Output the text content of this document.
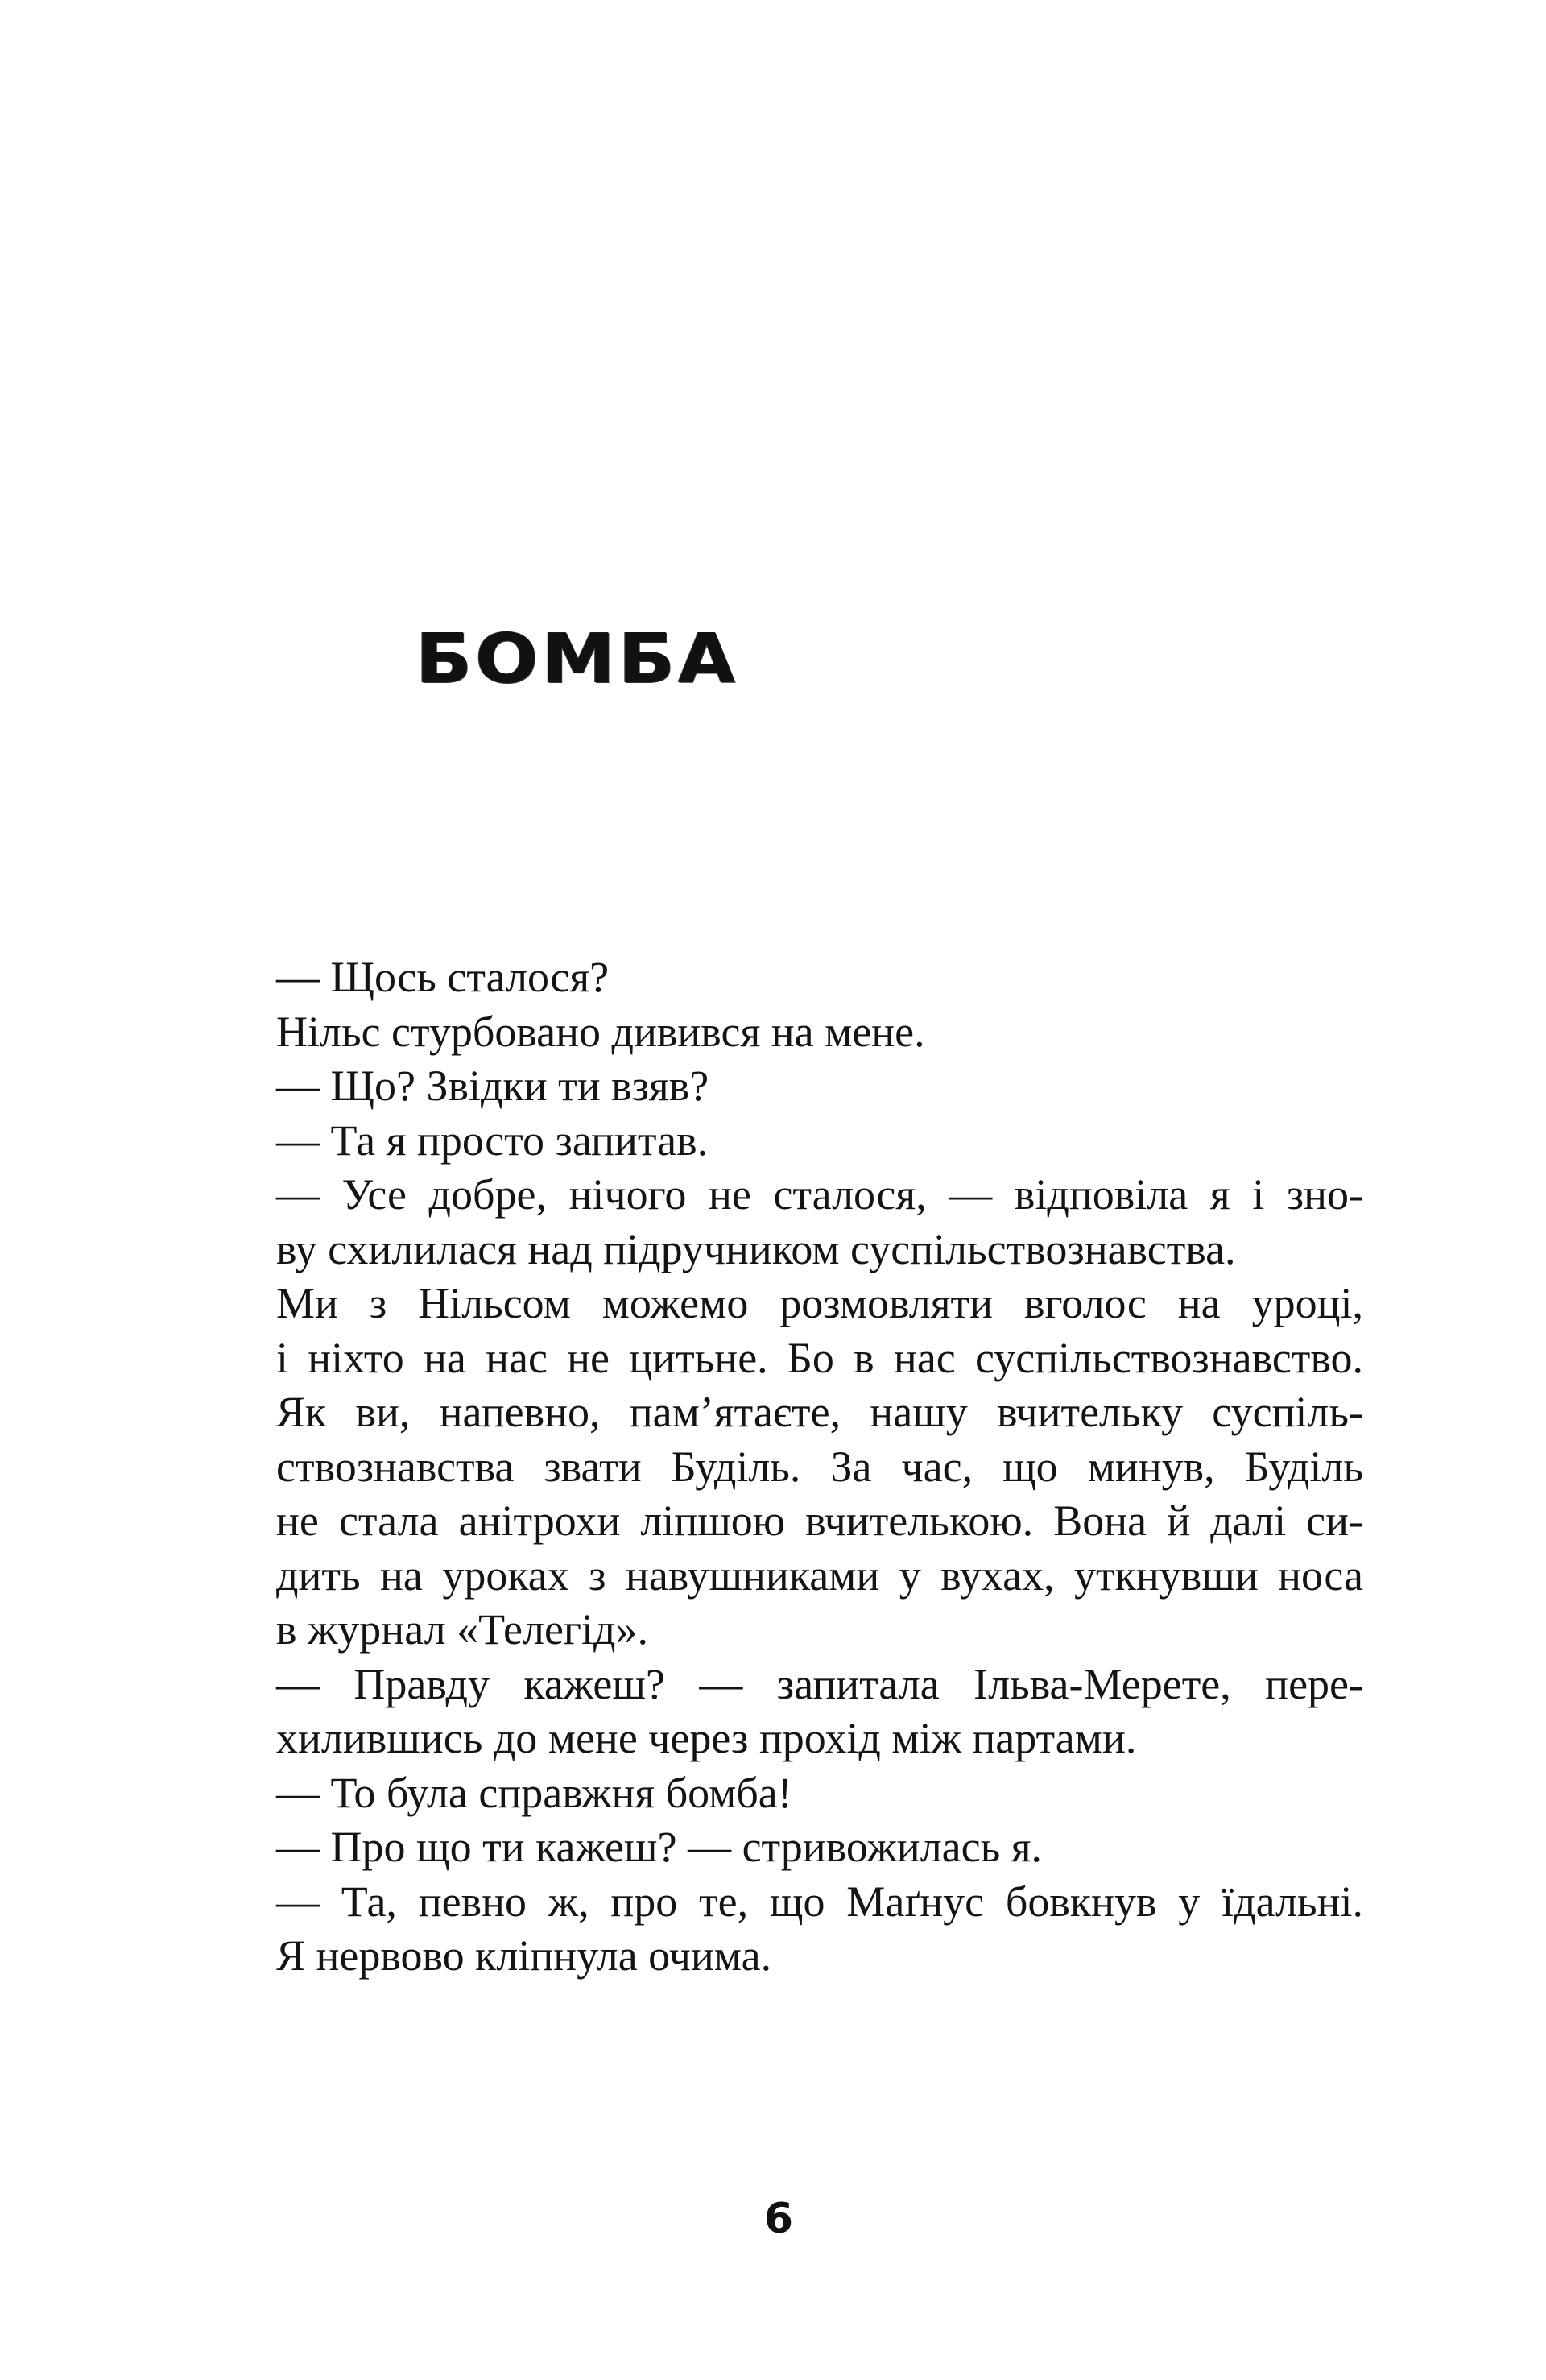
БОМБА
— Щось сталося?
Нільс стурбовано дивився на мене.
— Що? Звідки ти взяв?
— Та я просто запитав.
— Усе добре, нічого не сталося, — відповіла я і зно-
ву схилилася над підручником суспільствознавства.
Ми з Нільсом можемо розмовляти вголос на уроці,
і ніхто на нас не цитьне. Бо в нас суспільствознавство.
Як ви, напевно, пам’ятаєте, нашу вчительку суспіль-
ствознавства звати Буділь. За час, що минув, Буділь
не стала анітрохи ліпшою вчителькою. Вона й далі си-
дить на уроках з навушниками у вухах, уткнувши носа
в журнал «Телегід».
— Правду кажеш? — запитала Ільва-Мерете, пере-
хилившись до мене через прохід між партами.
— То була справжня бомба!
— Про що ти кажеш? — стривожилась я.
— Та, певно ж, про те, що Маґнус бовкнув у їдальні.
Я нервово кліпнула очима.
6
